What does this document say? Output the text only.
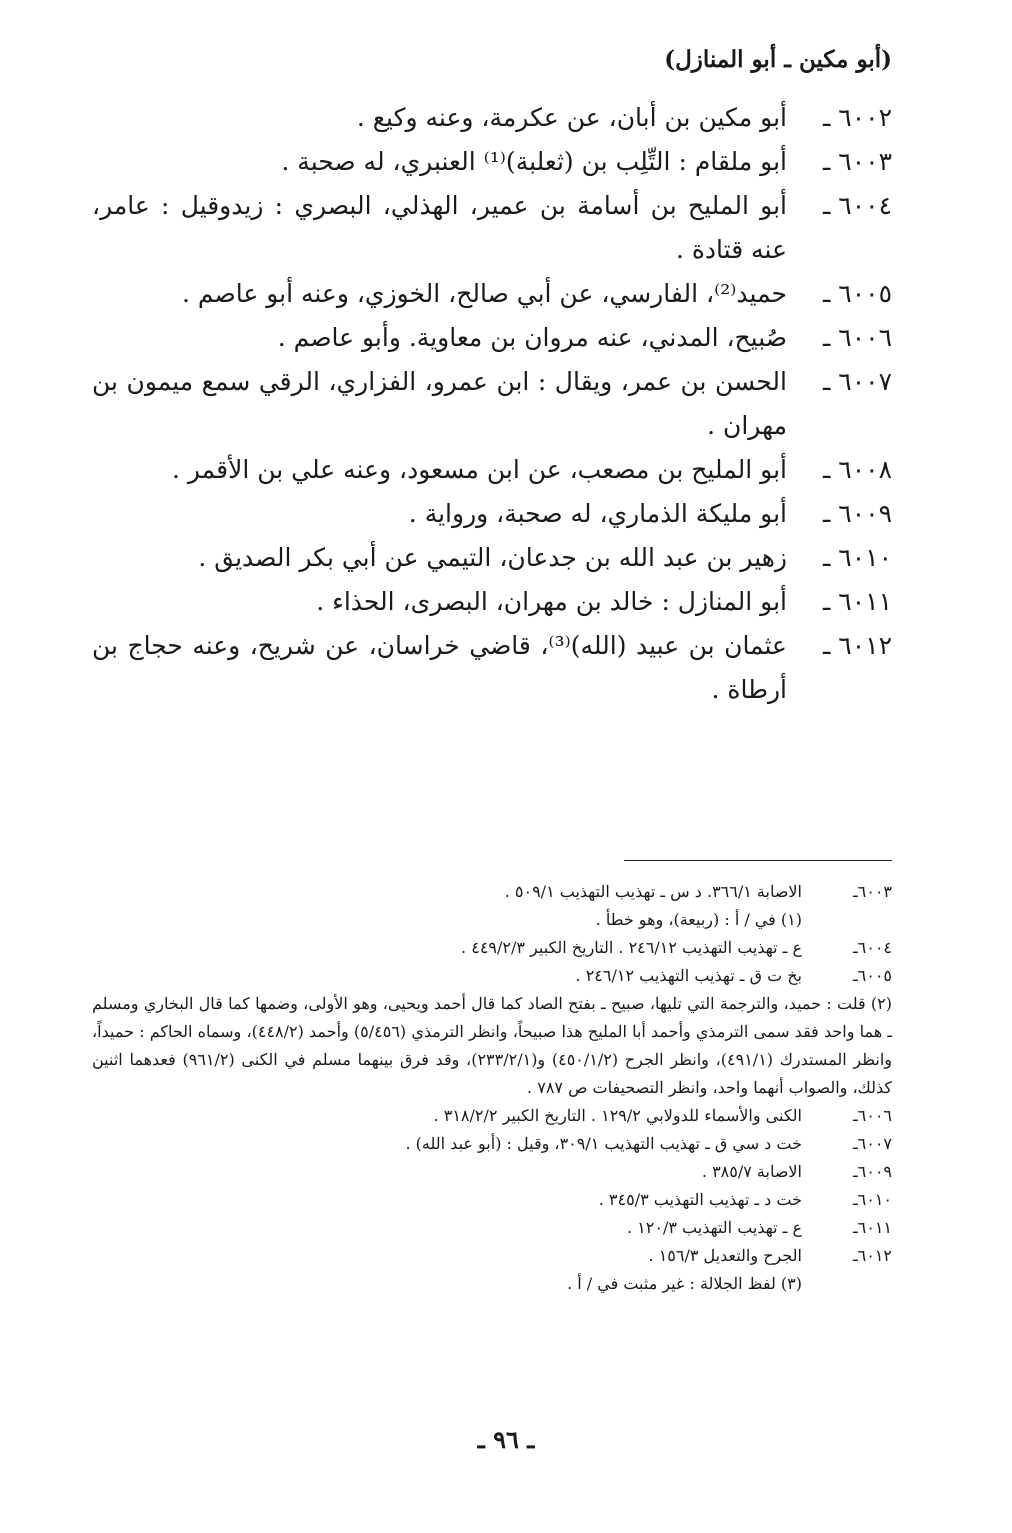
(أبو مكين ـ أبو المنازل)
٦٠٠٢ ـ
أبو مكين بن أبان، عن عكرمة، وعنه وكيع .
٦٠٠٣ ـ
أبو ملقام : التِّلِب بن (ثعلبة)⁽¹⁾ العنبري، له صحبة .
٦٠٠٤ ـ
أبو المليح بن أسامة بن عمير، الهذلي، البصري : زيدوقيل : عامر، عنه قتادة .
٦٠٠٥ ـ
حميد⁽²⁾، الفارسي، عن أبي صالح، الخوزي، وعنه أبو عاصم .
٦٠٠٦ ـ
صُبيح، المدني، عنه مروان بن معاوية. وأبو عاصم .
٦٠٠٧ ـ
الحسن بن عمر، ويقال : ابن عمرو، الفزاري، الرقي سمع ميمون بن مهران .
٦٠٠٨ ـ
أبو المليح بن مصعب، عن ابن مسعود، وعنه علي بن الأقمر .
٦٠٠٩ ـ
أبو مليكة الذماري، له صحبة، ورواية .
٦٠١٠ ـ
زهير بن عبد الله بن جدعان، التيمي عن أبي بكر الصديق .
٦٠١١ ـ
أبو المنازل : خالد بن مهران، البصرى، الحذاء .
٦٠١٢ ـ
عثمان بن عبيد (الله)⁽³⁾، قاضي خراسان، عن شريح، وعنه حجاج بن أرطاة .
٦٠٠٣ـ
الاصابة ٣٦٦/١. د س ـ تهذيب التهذيب ٥٠٩/١ .
(١) في / أ : (ربيعة)، وهو خطأ .
٦٠٠٤ـ
ع ـ تهذيب التهذيب ٢٤٦/١٢ . التاريخ الكبير ٤٤٩/٢/٣ .
٦٠٠٥ـ
بخ ت ق ـ تهذيب التهذيب ٢٤٦/١٢ .
(٢) قلت : حميد، والترجمة التي تليها، صبيح ـ بفتح الصاد كما قال أحمد ويحيى، وهو الأولى، وضمها كما قال البخاري ومسلم ـ هما واحد فقد سمى الترمذي وأحمد أبا المليح هذا صبيحاً، وانظر الترمذي (٥/٤٥٦) وأحمد (٤٤٨/٢)، وسماه الحاكم : حميداً، وانظر المستدرك (٤٩١/١)، وانظر الجرح (٤٥٠/١/٢) و(٢٣٣/٢/١)، وقد فرق بينهما مسلم في الكنى (٩٦١/٢) فعدهما اثنين كذلك، والصواب أنهما واحد، وانظر التصحيفات ص ٧٨٧ .
٦٠٠٦ـ
الكنى والأسماء للدولابي ١٢٩/٢ . التاريخ الكبير ٣١٨/٢/٢ .
٦٠٠٧ـ
خت د سي ق ـ تهذيب التهذيب ٣٠٩/١، وقيل : (أبو عبد الله) .
٦٠٠٩ـ
الاصابة ٣٨٥/٧ .
٦٠١٠ـ
خت د ـ تهذيب التهذيب ٣٤٥/٣ .
٦٠١١ـ
ع ـ تهذيب التهذيب ١٢٠/٣ .
٦٠١٢ـ
الجرح والتعديل ١٥٦/٣ .
(٣) لفظ الجلالة : غير مثبت في / أ .
ـ ٩٦ ـ
